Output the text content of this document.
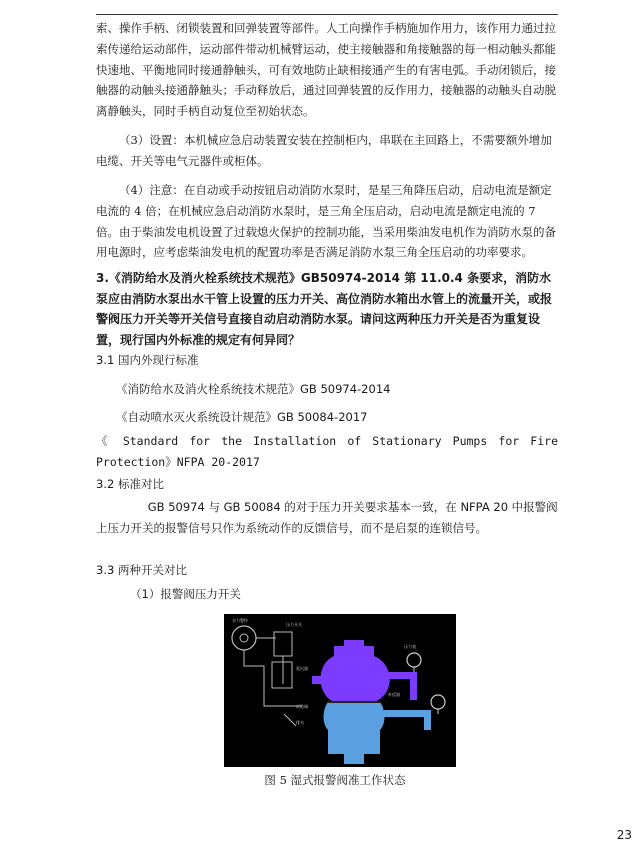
索、操作手柄、闭锁装置和回弹装置等部件。人工向操作手柄施加作用力，该作用力通过拉索传递给运动部件，运动部件带动机械臂运动，使主接触器和角接触器的每一相动触头都能快速地、平衡地同时接通静触头，可有效地防止缺相接通产生的有害电弧。手动闭锁后，接触器的动触头接通静触头；手动释放后，通过回弹装置的反作用力，接触器的动触头自动脱离静触头，同时手柄自动复位至初始状态。
（3）设置：本机械应急启动装置安装在控制柜内，串联在主回路上，不需要额外增加电缆、开关等电气元器件或柜体。
（4）注意：在自动或手动按钮启动消防水泵时，是星三角降压启动，启动电流是额定电流的 4 倍；在机械应急启动消防水泵时，是三角全压启动，启动电流是额定电流的 7 倍。由于柴油发电机设置了过载熄火保护的控制功能，当采用柴油发电机作为消防水泵的备用电源时，应考虑柴油发电机的配置功率是否满足消防水泵三角全压启动的功率要求。
3.《消防给水及消火栓系统技术规范》GB50974-2014 第 11.0.4 条要求，消防水泵应由消防水泵出水干管上设置的压力开关、高位消防水箱出水管上的流量开关，或报警阀压力开关等开关信号直接自动启动消防水泵。请问这两种压力开关是否为重复设置，现行国内外标准的规定有何异同？
3.1 国内外现行标准
《消防给水及消火栓系统技术规范》GB 50974-2014
《自动喷水灭火系统设计规范》GB 50084-2017
《 Standard for the Installation of Stationary Pumps for Fire Protection》NFPA 20-2017
3.2 标准对比
GB 50974 与 GB 50084 的对于压力开关要求基本一致，在 NFPA 20 中报警阀上压力开关的报警信号只作为系统动作的反馈信号，而不是启泵的连锁信号。
3.3 两种开关对比
（1）报警阀压力开关
水力警铃
压力开关
延迟器
试验阀
排水
压力表
补偿器
图 5 湿式报警阀准工作状态
23
